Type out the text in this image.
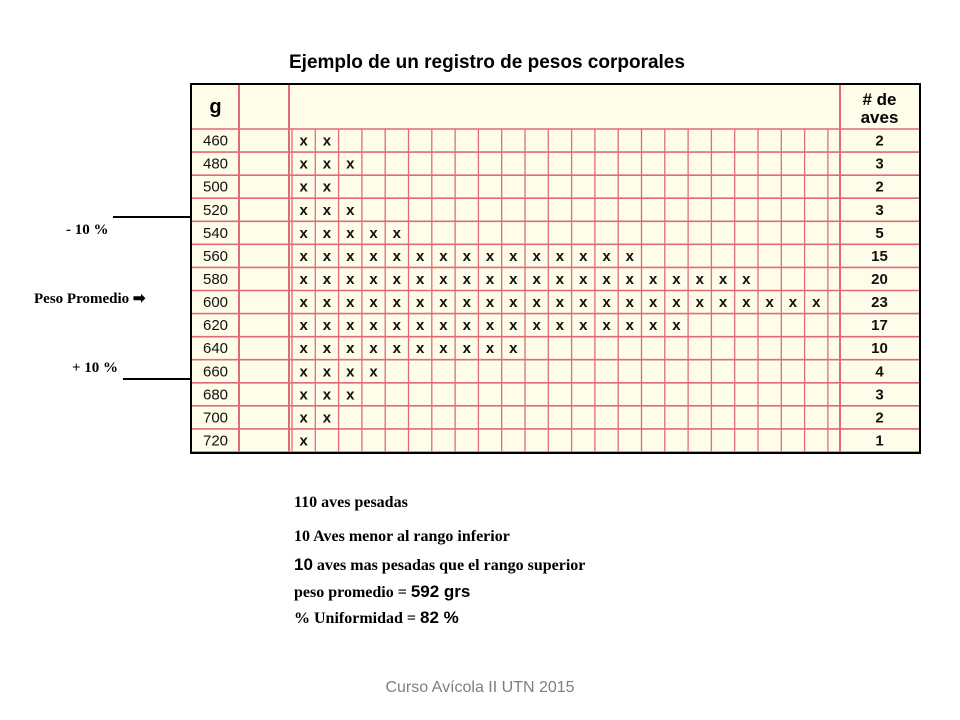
Ejemplo de un registro de pesos corporales
- 10 %
Peso Promedio ➡
+ 10 %
g	# de
aves
460	x x	2
480	x x x	3
500	x x	2
520	x x x	3
540	x x x x x	5
560	x x x x x x x x x x x x x x x	15
580	x x x x x x x x x x x x x x x x x x x x	20
600	x x x x x x x x x x x x x x x x x x x x x x x	23
620	x x x x x x x x x x x x x x x x x	17
640	x x x x x x x x x x	10
660	x x x x	4
680	x x x	3
700	x x	2
720	x	1
110 aves pesadas
10 Aves menor al rango inferior
10 aves mas pesadas que el rango superior
peso promedio = 592 grs
% Uniformidad = 82 %
Curso Avícola II UTN 2015
